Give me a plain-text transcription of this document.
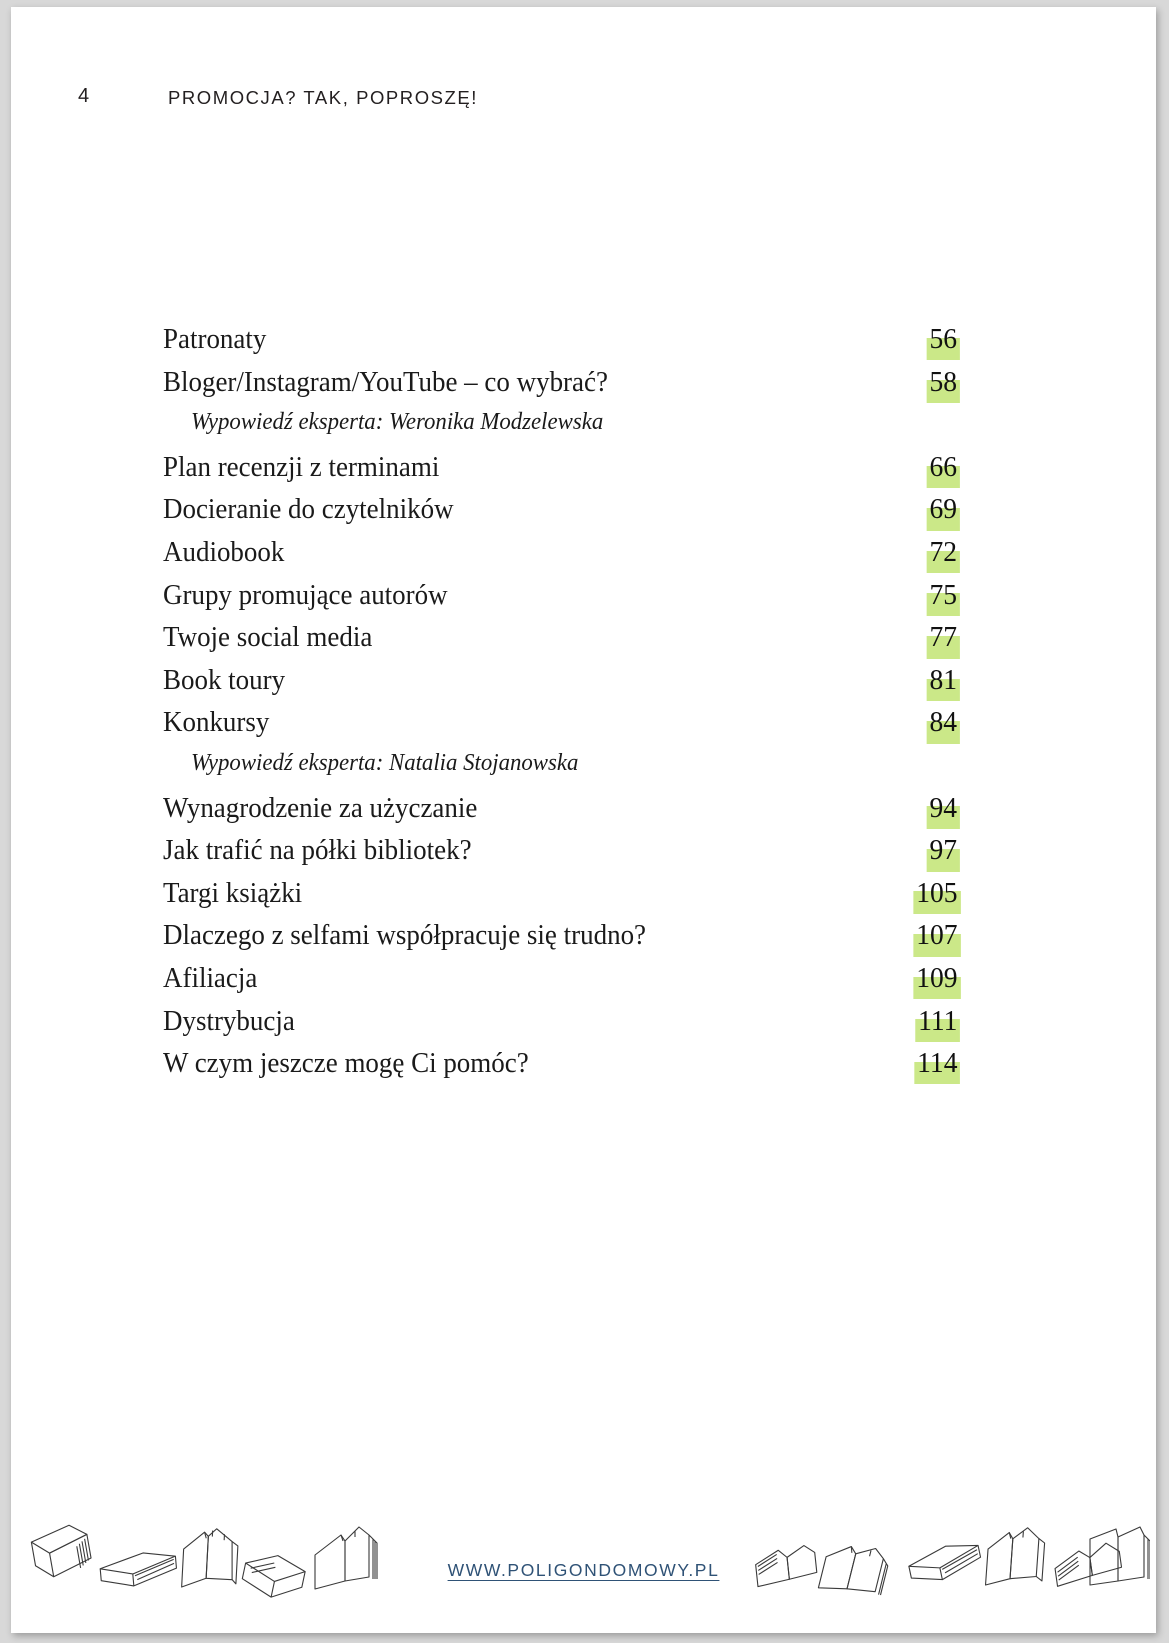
4	PROMOCJA? TAK, POPROSZĘ!
Patronaty	56
Bloger/Instagram/YouTube – co wybrać?	58
Wypowiedź eksperta: Weronika Modzelewska
Plan recenzji z terminami	66
Docieranie do czytelników	69
Audiobook	72
Grupy promujące autorów	75
Twoje social media	77
Book toury	81
Konkursy	84
Wypowiedź eksperta: Natalia Stojanowska
Wynagrodzenie za użyczanie	94
Jak trafić na półki bibliotek?	97
Targi książki	105
Dlaczego z selfami współpracuje się trudno?	107
Afiliacja	109
Dystrybucja	111
W czym jeszcze mogę Ci pomóc?	114
WWW.POLIGONDOMOWY.PL
